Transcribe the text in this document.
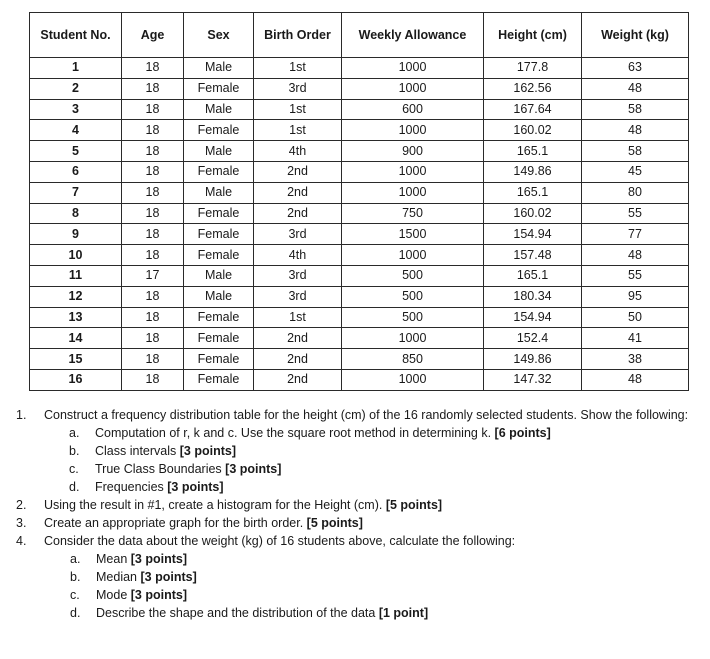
Student No.	Age	Sex	Birth Order	Weekly Allowance	Height (cm)	Weight (kg)
1	18	Male	1st	1000	177.8	63
2	18	Female	3rd	1000	162.56	48
3	18	Male	1st	600	167.64	58
4	18	Female	1st	1000	160.02	48
5	18	Male	4th	900	165.1	58
6	18	Female	2nd	1000	149.86	45
7	18	Male	2nd	1000	165.1	80
8	18	Female	2nd	750	160.02	55
9	18	Female	3rd	1500	154.94	77
10	18	Female	4th	1000	157.48	48
11	17	Male	3rd	500	165.1	55
12	18	Male	3rd	500	180.34	95
13	18	Female	1st	500	154.94	50
14	18	Female	2nd	1000	152.4	41
15	18	Female	2nd	850	149.86	38
16	18	Female	2nd	1000	147.32	48
1.	Construct a frequency distribution table for the height (cm) of the 16 randomly selected students. Show the following:
a.	Computation of r, k and c. Use the square root method in determining k. [6 points]
b.	Class intervals [3 points]
c.	True Class Boundaries [3 points]
d.	Frequencies [3 points]
2.	Using the result in #1, create a histogram for the Height (cm). [5 points]
3.	Create an appropriate graph for the birth order. [5 points]
4.	Consider the data about the weight (kg) of 16 students above, calculate the following:
a.	Mean [3 points]
b.	Median [3 points]
c.	Mode [3 points]
d.	Describe the shape and the distribution of the data [1 point]
